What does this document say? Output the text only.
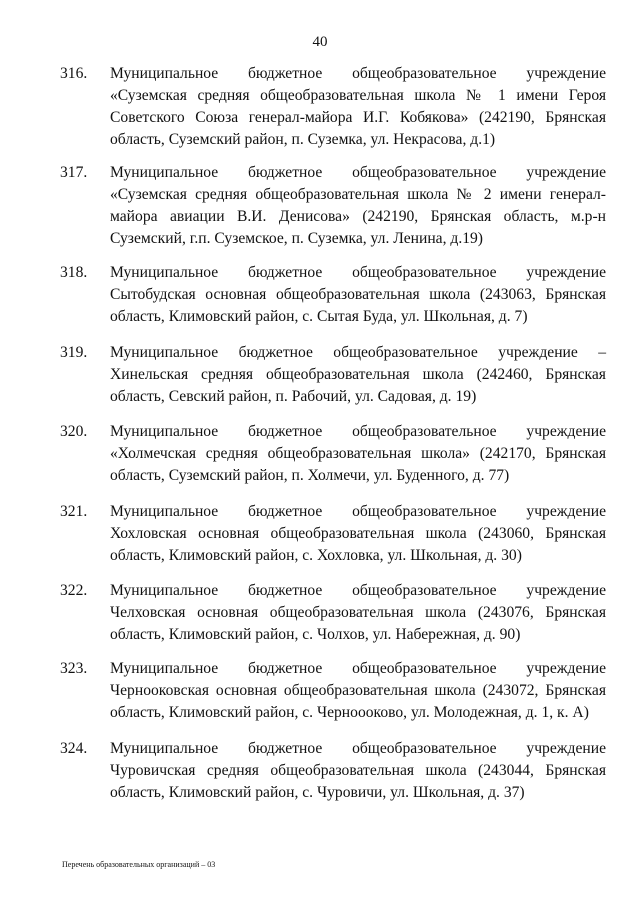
40
316. Муниципальное бюджетное общеобразовательное учреждение «Суземская средняя общеобразовательная школа № 1 имени Героя Советского Союза генерал-майора И.Г. Кобякова» (242190, Брянская область, Суземский район, п. Суземка, ул. Некрасова, д.1)
317. Муниципальное бюджетное общеобразовательное учреждение «Суземская средняя общеобразовательная школа № 2 имени генерал-майора авиации В.И. Денисова» (242190, Брянская область, м.р-н Суземский, г.п. Суземское, п. Суземка, ул. Ленина, д.19)
318. Муниципальное бюджетное общеобразовательное учреждение Сытобудская основная общеобразовательная школа (243063, Брянская область, Климовский район, с. Сытая Буда, ул. Школьная, д. 7)
319. Муниципальное бюджетное общеобразовательное учреждение – Хинельская средняя общеобразовательная школа (242460, Брянская область, Севский район, п. Рабочий, ул. Садовая, д. 19)
320. Муниципальное бюджетное общеобразовательное учреждение «Холмечская средняя общеобразовательная школа» (242170, Брянская область, Суземский район, п. Холмечи, ул. Буденного, д. 77)
321. Муниципальное бюджетное общеобразовательное учреждение Хохловская основная общеобразовательная школа (243060, Брянская область, Климовский район, с. Хохловка, ул. Школьная, д. 30)
322. Муниципальное бюджетное общеобразовательное учреждение Челховская основная общеобразовательная школа (243076, Брянская область, Климовский район, с. Чолхов, ул. Набережная, д. 90)
323. Муниципальное бюджетное общеобразовательное учреждение Чернооковская основная общеобразовательная школа (243072, Брянская область, Климовский район, с. Черноооково, ул. Молодежная, д. 1, к. А)
324. Муниципальное бюджетное общеобразовательное учреждение Чуровичская средняя общеобразовательная школа (243044, Брянская область, Климовский район, с. Чуровичи, ул. Школьная, д. 37)
Перечень образовательных организаций – 03
